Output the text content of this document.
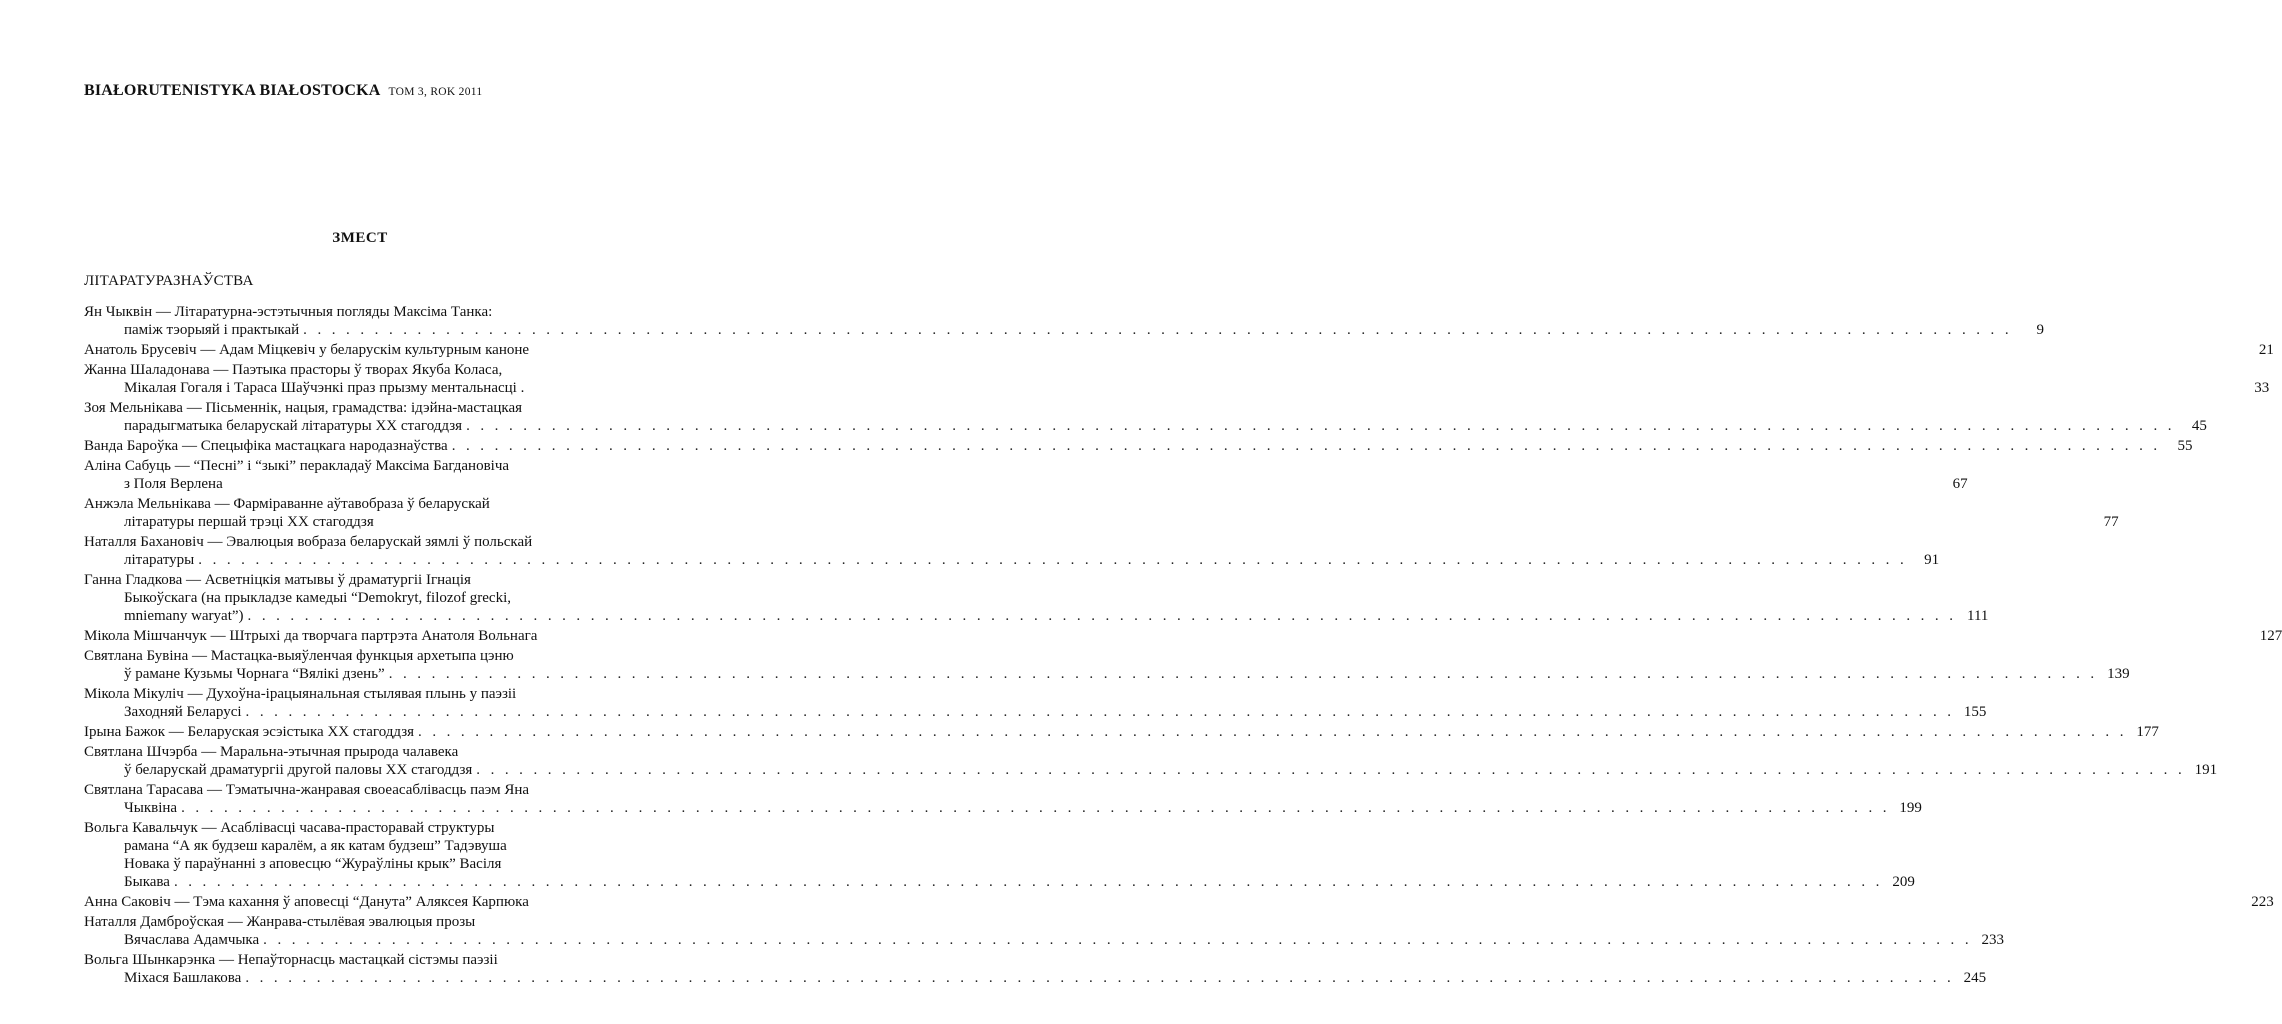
BIAŁORUTENISTYKA BIAŁOSTOCKA TOM 3, ROK 2011
ЗМЕСТ
ЛІТАРАТУРАЗНАЎСТВА
Ян Чыквін — Літаратурна-эстэтычныя погляды Максіма Танка:
паміж тэорыяй і практыкай . . . . . . . . . . . . . . . . . . . . . . . . . . . . . . . . . . . . . . . . . . . . . . . . . . . . . . . . . . . . . . . . . . . . . . . . . . . . . . . . . . . . . . . . . . . . . . . . . . . . . . . . . . . . . . . . . . . . . . . .	9
Анатоль Брусевіч — Адам Міцкевіч у беларускім культурным каноне	21
Жанна Шаладонава — Паэтыка прасторы ў творах Якуба Коласа,
Мікалая Гогаля і Тараса Шаўчэнкі праз прызму ментальнасці .	33
Зоя Мельнікава — Пісьменнік, нацыя, грамадства: ідэйна-мастацкая
парадыгматыка беларускай літаратуры ХХ стагоддзя . . . . . . . . . . . . . . . . . . . . . . . . . . . . . . . . . . . . . . . . . . . . . . . . . . . . . . . . . . . . . . . . . . . . . . . . . . . . . . . . . . . . . . . . . . . . . . . . . . . . . . . . . . . . . . . . . . . . . . . .	45
Ванда Бароўка — Спецыфіка мастацкага народазнаўства . . . . . . . . . . . . . . . . . . . . . . . . . . . . . . . . . . . . . . . . . . . . . . . . . . . . . . . . . . . . . . . . . . . . . . . . . . . . . . . . . . . . . . . . . . . . . . . . . . . . . . . . . . . . . . . . . . . . . . . .	55
Аліна Сабуць — “Песні” і “зыкі” перакладаў Максіма Багдановіча
з Поля Верлена	67
Анжэла Мельнікава — Фарміраванне аўтавобраза ў беларускай
літаратуры першай трэці ХХ стагоддзя	77
Наталля Бахановіч — Эвалюцыя вобраза беларускай зямлі ў польскай
літаратуры . . . . . . . . . . . . . . . . . . . . . . . . . . . . . . . . . . . . . . . . . . . . . . . . . . . . . . . . . . . . . . . . . . . . . . . . . . . . . . . . . . . . . . . . . . . . . . . . . . . . . . . . . . . . . . . . . . . . . . . .	91
Ганна Гладкова — Асветніцкія матывы ў драматургіі Ігнація
Быкоўскага (на прыкладзе камедыі “Demokryt, filozof grecki,
mniemany waryat”) . . . . . . . . . . . . . . . . . . . . . . . . . . . . . . . . . . . . . . . . . . . . . . . . . . . . . . . . . . . . . . . . . . . . . . . . . . . . . . . . . . . . . . . . . . . . . . . . . . . . . . . . . . . . . . . . . . . . . . . . 111
Мікола Мішчанчук — Штрыхі да творчага партрэта Анатоля Вольнага	127
Святлана Бувіна — Мастацка-выяўленчая функцыя архетыпа цэню
ў рамане Кузьмы Чорнага “Вялікі дзень” . . . . . . . . . . . . . . . . . . . . . . . . . . . . . . . . . . . . . . . . . . . . . . . . . . . . . . . . . . . . . . . . . . . . . . . . . . . . . . . . . . . . . . . . . . . . . . . . . . . . . . . . . . . . . . . . . . . . . . . . 139
Мікола Мікуліч — Духоўна-ірацыянальная стылявая плынь у паэзіі
Заходняй Беларусі . . . . . . . . . . . . . . . . . . . . . . . . . . . . . . . . . . . . . . . . . . . . . . . . . . . . . . . . . . . . . . . . . . . . . . . . . . . . . . . . . . . . . . . . . . . . . . . . . . . . . . . . . . . . . . . . . . . . . . . . 155
Ірына Бажок — Беларуская эсэістыка ХХ стагоддзя . . . . . . . . . . . . . . . . . . . . . . . . . . . . . . . . . . . . . . . . . . . . . . . . . . . . . . . . . . . . . . . . . . . . . . . . . . . . . . . . . . . . . . . . . . . . . . . . . . . . . . . . . . . . . . . . . . . . . . . . 177
Святлана Шчэрба — Маральна-этычная прырода чалавека
ў беларускай драматургіі другой паловы ХХ стагоддзя . . . . . . . . . . . . . . . . . . . . . . . . . . . . . . . . . . . . . . . . . . . . . . . . . . . . . . . . . . . . . . . . . . . . . . . . . . . . . . . . . . . . . . . . . . . . . . . . . . . . . . . . . . . . . . . . . . . . . . . . 191
Святлана Тарасава — Тэматычна-жанравая своеасаблівасць паэм Яна
Чыквіна . . . . . . . . . . . . . . . . . . . . . . . . . . . . . . . . . . . . . . . . . . . . . . . . . . . . . . . . . . . . . . . . . . . . . . . . . . . . . . . . . . . . . . . . . . . . . . . . . . . . . . . . . . . . . . . . . . . . . . . . 199
Вольга Кавальчук — Асаблівасці часава-прасторавай структуры
рамана “А як будзеш каралём, а як катам будзеш” Тадэвуша
Новака ў параўнанні з аповесцю “Жураўліны крык” Васіля
Быкава . . . . . . . . . . . . . . . . . . . . . . . . . . . . . . . . . . . . . . . . . . . . . . . . . . . . . . . . . . . . . . . . . . . . . . . . . . . . . . . . . . . . . . . . . . . . . . . . . . . . . . . . . . . . . . . . . . . . . . . . 209
Анна Саковіч — Тэма кахання ў аповесці “Данута” Аляксея Карпюка	223
Наталля Дамброўская — Жанрава-стылёвая эвалюцыя прозы
Вячаслава Адамчыка . . . . . . . . . . . . . . . . . . . . . . . . . . . . . . . . . . . . . . . . . . . . . . . . . . . . . . . . . . . . . . . . . . . . . . . . . . . . . . . . . . . . . . . . . . . . . . . . . . . . . . . . . . . . . . . . . . . . . . . . 233
Вольга Шынкарэнка — Непаўторнасць мастацкай сістэмы паэзіі
Міхася Башлакова . . . . . . . . . . . . . . . . . . . . . . . . . . . . . . . . . . . . . . . . . . . . . . . . . . . . . . . . . . . . . . . . . . . . . . . . . . . . . . . . . . . . . . . . . . . . . . . . . . . . . . . . . . . . . . . . . . . . . . . . 245
